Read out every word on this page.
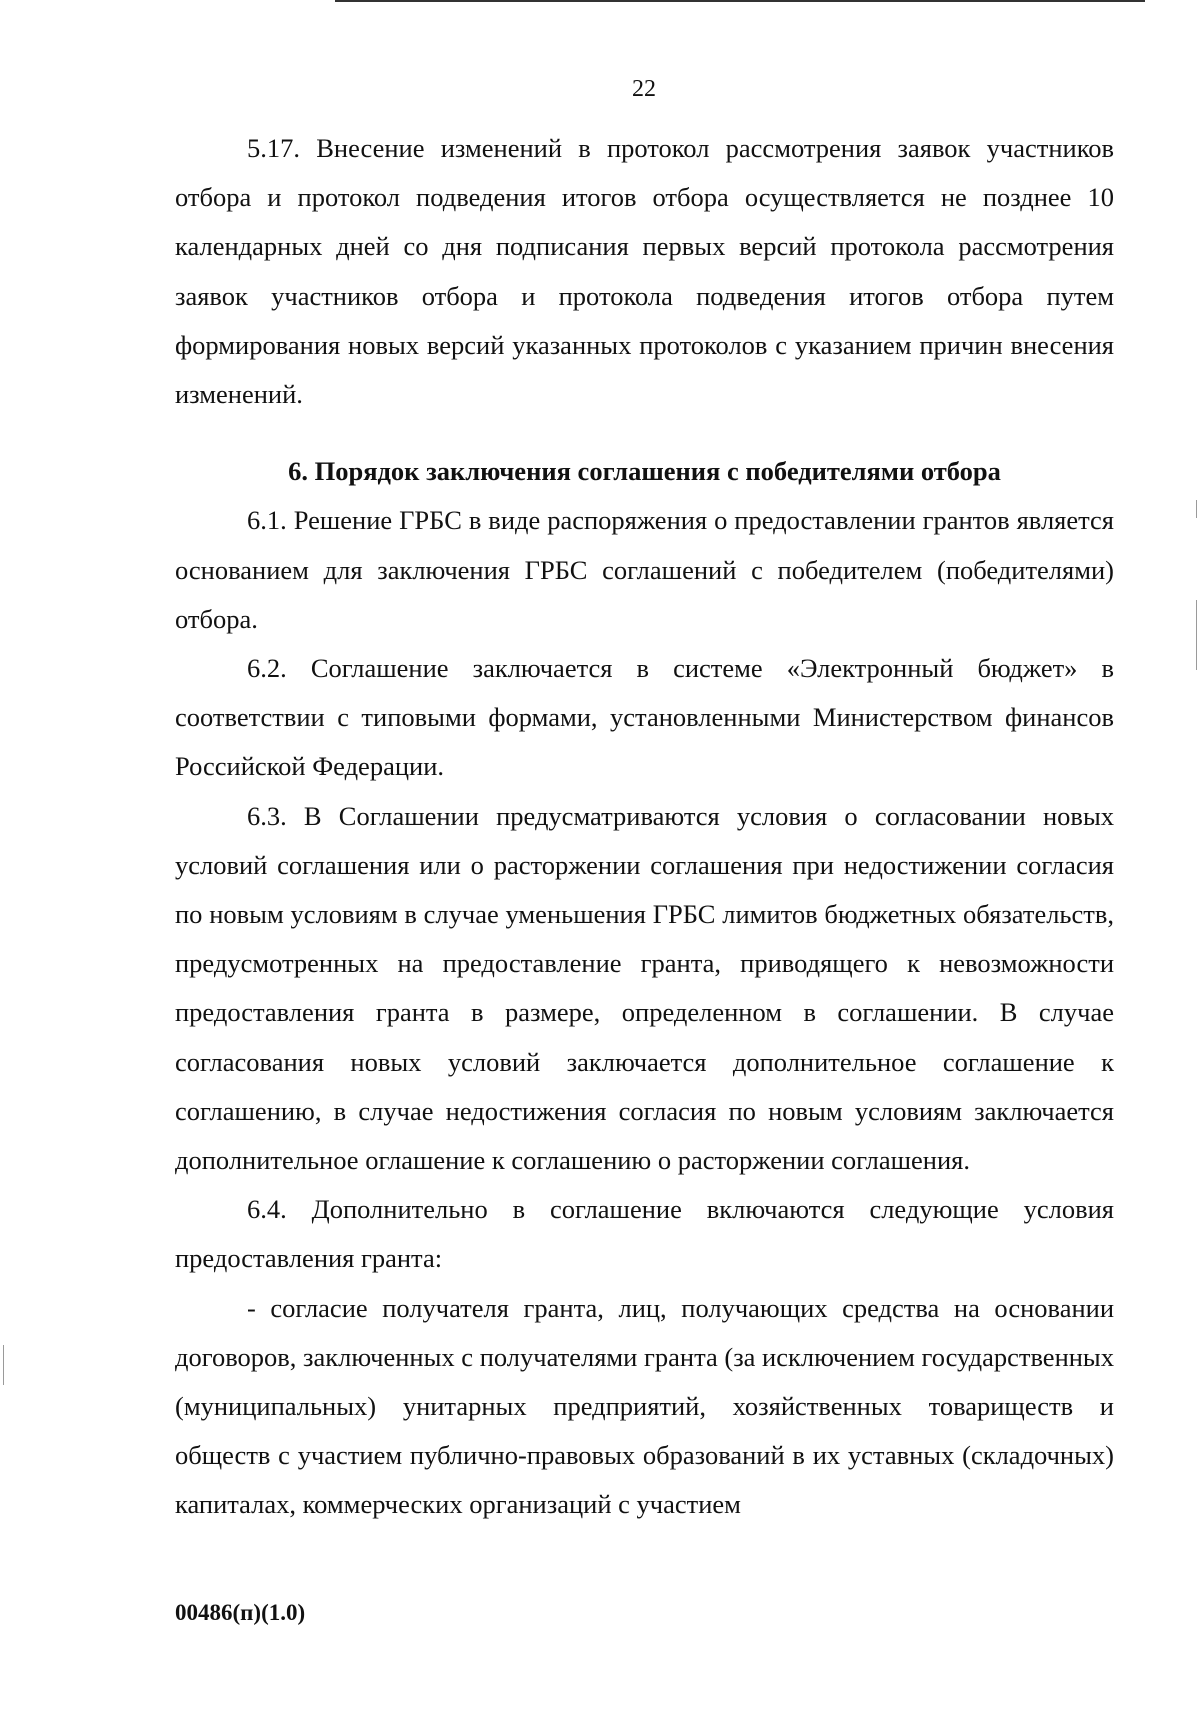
22

5.17. Внесение изменений в протокол рассмотрения заявок участников отбора и протокол подведения итогов отбора осуществляется не позднее 10 календарных дней со дня подписания первых версий протокола рассмотрения заявок участников отбора и протокола подведения итогов отбора путем формирования новых версий указанных протоколов с указанием причин внесения изменений.

6. Порядок заключения соглашения с победителями отбора

6.1. Решение ГРБС в виде распоряжения о предоставлении грантов является основанием для заключения ГРБС соглашений с победителем (победителями) отбора.

6.2. Соглашение заключается в системе «Электронный бюджет» в соответствии с типовыми формами, установленными Министерством финансов Российской Федерации.

6.3. В Соглашении предусматриваются условия о согласовании новых условий соглашения или о расторжении соглашения при недостижении согласия по новым условиям в случае уменьшения ГРБС лимитов бюджетных обязательств, предусмотренных на предоставление гранта, приводящего к невозможности предоставления гранта в размере, определенном в соглашении. В случае согласования новых условий заключается дополнительное соглашение к соглашению, в случае недостижения согласия по новым условиям заключается дополнительное оглашение к соглашению о расторжении соглашения.

6.4. Дополнительно в соглашение включаются следующие условия предоставления гранта:

- согласие получателя гранта, лиц, получающих средства на основании договоров, заключенных с получателями гранта (за исключением государственных (муниципальных) унитарных предприятий, хозяйственных товариществ и обществ с участием публично-правовых образований в их уставных (складочных) капиталах, коммерческих организаций с участием

00486(п)(1.0)
